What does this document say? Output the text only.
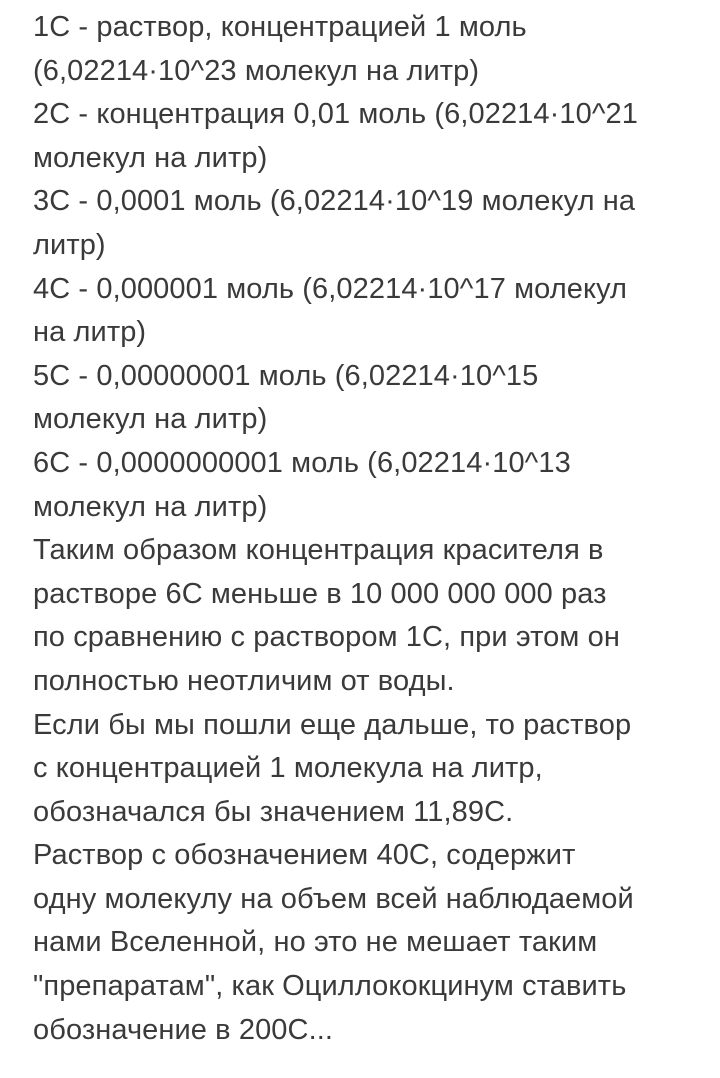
1С - раствор, концентрацией 1 моль
(6,02214·10^23 молекул на литр)
2С - концентрация 0,01 моль (6,02214·10^21
молекул на литр)
3С - 0,0001 моль (6,02214·10^19 молекул на
литр)
4С - 0,000001 моль (6,02214·10^17 молекул
на литр)
5С - 0,00000001 моль (6,02214·10^15
молекул на литр)
6С - 0,0000000001 моль (6,02214·10^13
молекул на литр)
Таким образом концентрация красителя в
растворе 6С меньше в 10 000 000 000 раз
по сравнению с раствором 1С, при этом он
полностью неотличим от воды.
Если бы мы пошли еще дальше, то раствор
с концентрацией 1 молекула на литр,
обозначался бы значением 11,89С.
Раствор с обозначением 40С, содержит
одну молекулу на объем всей наблюдаемой
нами Вселенной, но это не мешает таким
"препаратам", как Оциллококцинум ставить
обозначение в 200С...
